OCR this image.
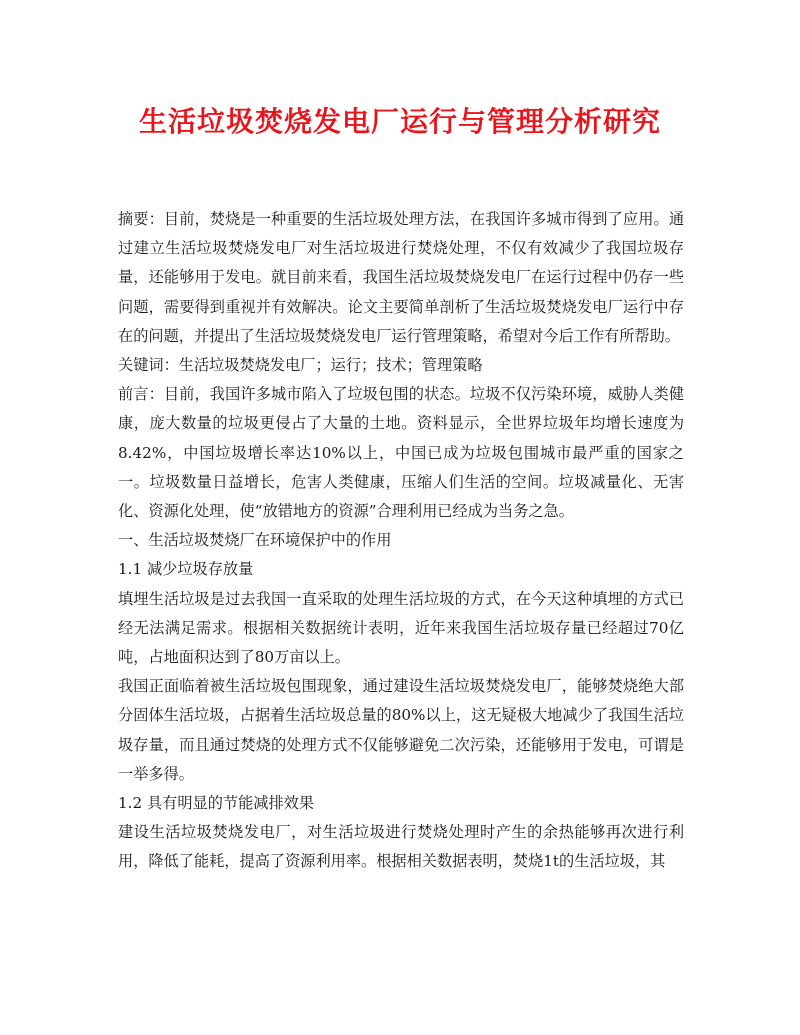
生活垃圾焚烧发电厂运行与管理分析研究

摘要：目前，焚烧是一种重要的生活垃圾处理方法，在我国许多城市得到了应用。通过建立生活垃圾焚烧发电厂对生活垃圾进行焚烧处理，不仅有效减少了我国垃圾存量，还能够用于发电。就目前来看，我国生活垃圾焚烧发电厂在运行过程中仍存一些问题，需要得到重视并有效解决。论文主要简单剖析了生活垃圾焚烧发电厂运行中存在的问题，并提出了生活垃圾焚烧发电厂运行管理策略，希望对今后工作有所帮助。

关键词：生活垃圾焚烧发电厂；运行；技术；管理策略

前言：目前，我国许多城市陷入了垃圾包围的状态。垃圾不仅污染环境，威胁人类健康，庞大数量的垃圾更侵占了大量的土地。资料显示，全世界垃圾年均增长速度为8.42%，中国垃圾增长率达10%以上，中国已成为垃圾包围城市最严重的国家之一。垃圾数量日益增长，危害人类健康，压缩人们生活的空间。垃圾减量化、无害化、资源化处理，使“放错地方的资源”合理利用已经成为当务之急。

一、生活垃圾焚烧厂在环境保护中的作用

1.1 减少垃圾存放量

填埋生活垃圾是过去我国一直采取的处理生活垃圾的方式，在今天这种填埋的方式已经无法满足需求。根据相关数据统计表明，近年来我国生活垃圾存量已经超过70亿吨，占地面积达到了80万亩以上。

我国正面临着被生活垃圾包围现象，通过建设生活垃圾焚烧发电厂，能够焚烧绝大部分固体生活垃圾，占据着生活垃圾总量的80%以上，这无疑极大地减少了我国生活垃圾存量，而且通过焚烧的处理方式不仅能够避免二次污染，还能够用于发电，可谓是一举多得。

1.2 具有明显的节能减排效果

建设生活垃圾焚烧发电厂，对生活垃圾进行焚烧处理时产生的余热能够再次进行利用，降低了能耗，提高了资源利用率。根据相关数据表明，焚烧1t的生活垃圾，其
